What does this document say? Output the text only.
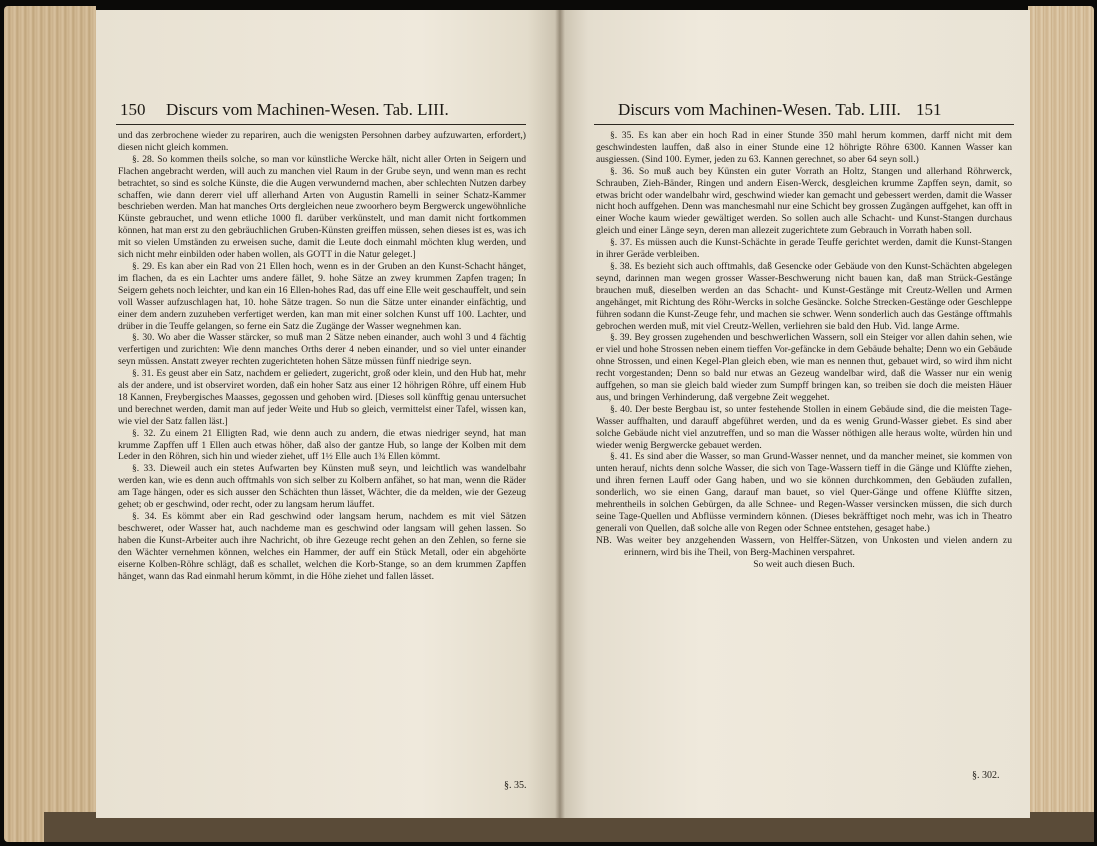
150 Discurs vom Machinen-Wesen. Tab. LIII.

und das zerbrochene wieder zu repariren, auch die wenigsten Persohnen darbey aufzuwarten, erfordert,) diesen nicht gleich kommen.

§. 28. So kommen theils solche, so man vor künstliche Wercke hält, nicht aller Orten in Seigern und Flachen angebracht werden, will auch zu manchen viel Raum in der Grube seyn, und wenn man es recht betrachtet, so sind es solche Künste, die die Augen verwundernd machen, aber schlechten Nutzen darbey schaffen, wie dann dererr viel uff allerhand Arten von Augustin Ramelli in seiner Schatz-Kammer beschrieben werden. Man hat manches Orts dergleichen neue zwoorhero beym Bergwerck ungewöhnliche Künste gebrauchet, und wenn etliche 1000 fl. darüber verkünstelt, und man damit nicht fortkommen können, hat man erst zu den gebräuchlichen Gruben-Künsten greiffen müssen, sehen dieses ist es, was ich mit so vielen Umständen zu erweisen suche, damit die Leute doch einmahl möchten klug werden, und sich nicht mehr einbilden oder haben wollen, als GOTT in die Natur geleget.]

§. 29. Es kan aber ein Rad von 21 Ellen hoch, wenn es in der Gruben an den Kunst-Schacht hänget, im flachen, da es ein Lachter ums andere fället, 9. hohe Sätze an zwey krummen Zapfen tragen; In Seigern gehets noch leichter, und kan ein 16 Ellen-hohes Rad, das uff eine Elle weit geschauffelt, und sein voll Wasser aufzuschlagen hat, 10. hohe Sätze tragen. So nun die Sätze unter einander einfächtig, und einer dem andern zuzuheben verfertiget werden, kan man mit einer solchen Kunst uff 100. Lachter, und drüber in die Teuffe gelangen, so ferne ein Satz die Zugänge der Wasser wegnehmen kan.

§. 30. Wo aber die Wasser stärcker, so muß man 2 Sätze neben einander, auch wohl 3 und 4 fächtig verfertigen und zurichten: Wie denn manches Orths derer 4 neben einander, und so viel unter einander seyn müssen. Anstatt zweyer rechten zugerichteten hohen Sätze müssen fünff niedrige seyn.

§. 31. Es geust aber ein Satz, nachdem er geliedert, zugericht, groß oder klein, und den Hub hat, mehr als der andere, und ist observiret worden, daß ein hoher Satz aus einer 12 höhrigen Röhre, uff einem Hub 18 Kannen, Freybergisches Maasses, gegossen und gehoben wird. [Dieses soll künfftig genau untersuchet und berechnet werden, damit man auf jeder Weite und Hub so gleich, vermittelst einer Tafel, wissen kan, wie viel der Satz fallen läst.]

§. 32. Zu einem 21 Elligten Rad, wie denn auch zu andern, die etwas niedriger seynd, hat man krumme Zapffen uff 1 Ellen auch etwas höher, daß also der gantze Hub, so lange der Kolben mit dem Leder in den Röhren, sich hin und wieder ziehet, uff 1½ Elle auch 1¾ Ellen kömmt.

§. 33. Dieweil auch ein stetes Aufwarten bey Künsten muß seyn, und leichtlich was wandelbahr werden kan, wie es denn auch offtmahls von sich selber zu Kolbern anfähet, so hat man, wenn die Räder am Tage hängen, oder es sich ausser den Schächten thun lässet, Wächter, die da melden, wie der Gezeug gehet; ob er geschwind, oder recht, oder zu langsam herum läuffet.

§. 34. Es kömmt aber ein Rad geschwind oder langsam herum, nachdem es mit viel Sätzen beschweret, oder Wasser hat, auch nachdeme man es geschwind oder langsam will gehen lassen. So haben die Kunst-Arbeiter auch ihre Nachricht, ob ihre Gezeuge recht gehen an den Zehlen, so ferne sie den Wächter vernehmen können, welches ein Hammer, der auff ein Stück Metall, oder ein abgehörte eiserne Kolben-Röhre schlägt, daß es schallet, welchen die Korb-Stange, so an dem krummen Zapffen hänget, wann das Rad einmahl herum kömmt, in die Höhe ziehet und fallen lässet.

§. 35.
Discurs vom Machinen-Wesen. Tab. LIII. 151

§. 35. Es kan aber ein hoch Rad in einer Stunde 350 mahl herum kommen, darff nicht mit dem geschwindesten lauffen, daß also in einer Stunde eine 12 höhrigte Röhre 6300. Kannen Wasser kan ausgiessen. (Sind 100. Eymer, jeden zu 63. Kannen gerechnet, so aber 64 seyn soll.)

§. 36. So muß auch bey Künsten ein guter Vorrath an Holtz, Stangen und allerhand Röhrwerck, Schrauben, Zieh-Bänder, Ringen und andern Eisen-Werck, desgleichen krumme Zapffen seyn, damit, so etwas bricht oder wandelbahr wird, geschwind wieder kan gemacht und gebessert werden, damit die Wasser nicht hoch auffgehen. Denn was manchesmahl nur eine Schicht bey grossen Zugängen auffgehet, kan offt in einer Woche kaum wieder gewältiget werden. So sollen auch alle Schacht- und Kunst-Stangen durchaus gleich und einer Länge seyn, deren man allezeit zugerichtete zum Gebrauch in Vorrath haben soll.

§. 37. Es müssen auch die Kunst-Schächte in gerade Teuffe gerichtet werden, damit die Kunst-Stangen in ihrer Geräde verbleiben.

§. 38. Es bezieht sich auch offtmahls, daß Gesencke oder Gebäude von den Kunst-Schächten abgelegen seynd, darinnen man wegen grosser Wasser-Beschwerung nicht bauen kan, daß man Strück-Gestänge brauchen muß, dieselben werden an das Schacht- und Kunst-Gestänge mit Creutz-Wellen und Armen angehänget, mit Richtung des Röhr-Wercks in solche Gesäncke. Solche Strecken-Gestänge oder Geschleppe führen sodann die Kunst-Zeuge fehr, und machen sie schwer. Wenn sonderlich auch das Gestänge offtmahls gebrochen werden muß, mit viel Creutz-Wellen, verliehren sie bald den Hub. Vid. lange Arme.

§. 39. Bey grossen zugehenden und beschwerlichen Wassern, soll ein Steiger vor allen dahin sehen, wie er viel und hohe Strossen neben einem tieffen Vor-gefäncke in dem Gebäude behalte; Denn wo ein Gebäude ohne Strossen, und einen Kegel-Plan gleich eben, wie man es nennen thut, gebauet wird, so wird ihm nicht recht vorgestanden; Denn so bald nur etwas an Gezeug wandelbar wird, daß die Wasser nur ein wenig auffgehen, so man sie gleich bald wieder zum Sumpff bringen kan, so treiben sie doch die meisten Häuer aus, und bringen Verhinderung, daß vergebne Zeit weggehet.

§. 40. Der beste Bergbau ist, so unter festehende Stollen in einem Gebäude sind, die die meisten Tage-Wasser auffhalten, und darauff abgeführet werden, und da es wenig Grund-Wasser giebet. Es sind aber solche Gebäude nicht viel anzutreffen, und so man die Wasser nöthigen alle heraus wolte, würden hin und wieder wenig Bergwercke gebauet werden.

§. 41. Es sind aber die Wasser, so man Grund-Wasser nennet, und da mancher meinet, sie kommen von unten herauf, nichts denn solche Wasser, die sich von Tage-Wassern tieff in die Gänge und Klüffte ziehen, und ihren fernen Lauff oder Gang haben, und wo sie können durchkommen, den Gebäuden zufallen, sonderlich, wo sie einen Gang, darauf man bauet, so viel Quer-Gänge und offene Klüffte sitzen, mehrentheils in solchen Gebürgen, da alle Schnee- und Regen-Wasser versincken müssen, die sich durch seine Tage-Quellen und Abflüsse vermindern können. (Dieses bekräfftiget noch mehr, was ich in Theatro generali von Quellen, daß solche alle von Regen oder Schnee entstehen, gesaget habe.)

NB. Was weiter bey anzgehenden Wassern, von Helffer-Sätzen, von Unkosten und vielen andern zu erinnern, wird bis ihe Theil, von Berg-Machinen verspahret.

So weit auch diesen Buch.

§. 302.
